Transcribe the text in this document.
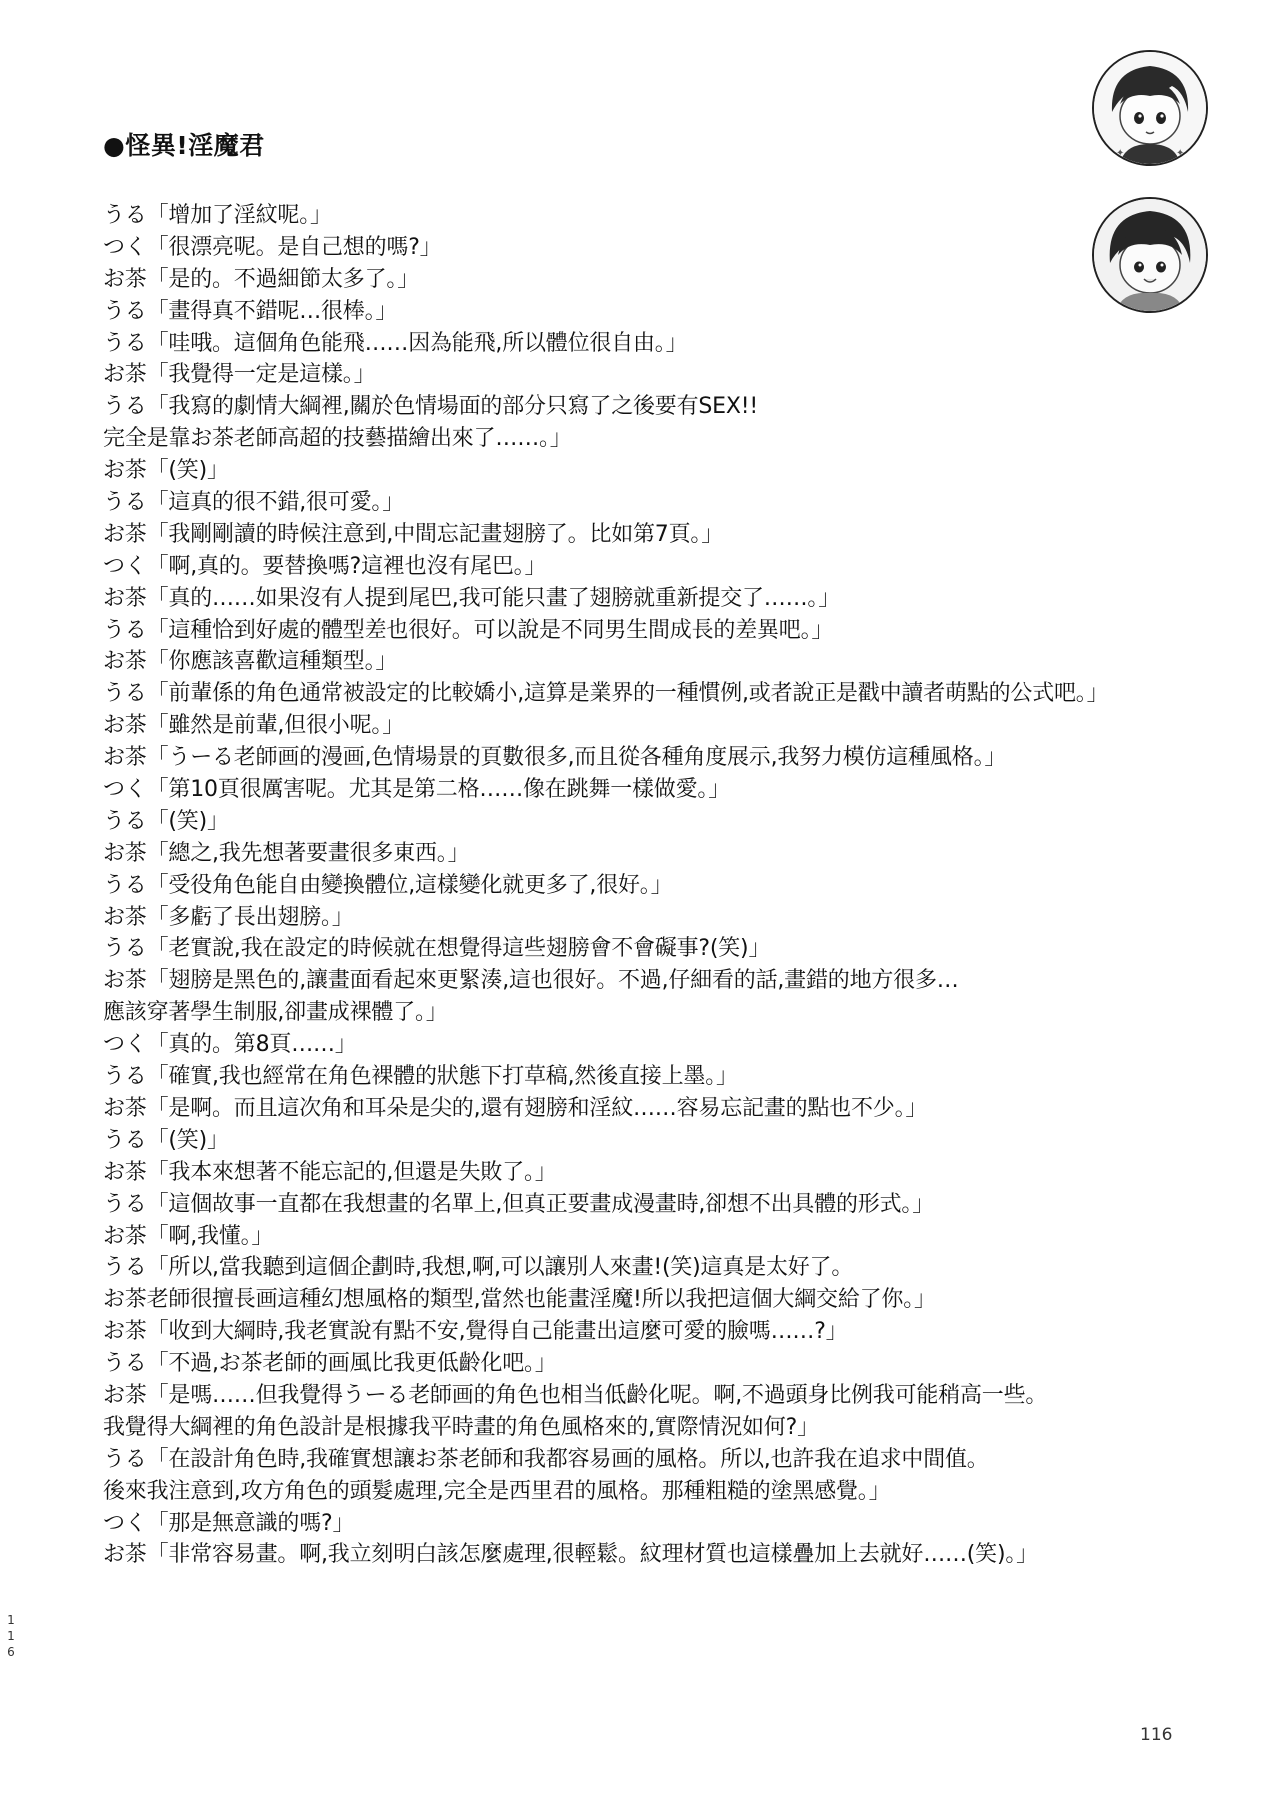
✦	✦
●怪異!淫魔君
うる「增加了淫紋呢。」
つく「很漂亮呢。是自己想的嗎?」
お茶「是的。不過細節太多了。」
うる「畫得真不錯呢…很棒。」
うる「哇哦。這個角色能飛……因為能飛,所以體位很自由。」
お茶「我覺得一定是這樣。」
うる「我寫的劇情大綱裡,關於色情場面的部分只寫了之後要有SEX!!
完全是靠お茶老師高超的技藝描繪出來了……。」
お茶「(笑)」
うる「這真的很不錯,很可愛。」
お茶「我剛剛讀的時候注意到,中間忘記畫翅膀了。比如第7頁。」
つく「啊,真的。要替換嗎?這裡也沒有尾巴。」
お茶「真的……如果沒有人提到尾巴,我可能只畫了翅膀就重新提交了……。」
うる「這種恰到好處的體型差也很好。可以說是不同男生間成長的差異吧。」
お茶「你應該喜歡這種類型。」
うる「前輩係的角色通常被設定的比較嬌小,這算是業界的一種慣例,或者說正是戳中讀者萌點的公式吧。」
お茶「雖然是前輩,但很小呢。」
お茶「うーる老師画的漫画,色情場景的頁數很多,而且從各種角度展示,我努力模仿這種風格。」
つく「第10頁很厲害呢。尤其是第二格……像在跳舞一樣做愛。」
うる「(笑)」
お茶「總之,我先想著要畫很多東西。」
うる「受役角色能自由變換體位,這樣變化就更多了,很好。」
お茶「多虧了長出翅膀。」
うる「老實說,我在設定的時候就在想覺得這些翅膀會不會礙事?(笑)」
お茶「翅膀是黑色的,讓畫面看起來更緊湊,這也很好。不過,仔細看的話,畫錯的地方很多…
應該穿著學生制服,卻畫成裸體了。」
つく「真的。第8頁……」
うる「確實,我也經常在角色裸體的狀態下打草稿,然後直接上墨。」
お茶「是啊。而且這次角和耳朵是尖的,還有翅膀和淫紋……容易忘記畫的點也不少。」
うる「(笑)」
お茶「我本來想著不能忘記的,但還是失敗了。」
うる「這個故事一直都在我想畫的名單上,但真正要畫成漫畫時,卻想不出具體的形式。」
お茶「啊,我懂。」
うる「所以,當我聽到這個企劃時,我想,啊,可以讓別人來畫!(笑)這真是太好了。
お茶老師很擅長画這種幻想風格的類型,當然也能畫淫魔!所以我把這個大綱交給了你。」
お茶「收到大綱時,我老實說有點不安,覺得自己能畫出這麼可愛的臉嗎……?」
うる「不過,お茶老師的画風比我更低齡化吧。」
お茶「是嗎……但我覺得うーる老師画的角色也相当低齡化呢。啊,不過頭身比例我可能稍高一些。
我覺得大綱裡的角色設計是根據我平時畫的角色風格來的,實際情況如何?」
うる「在設計角色時,我確實想讓お茶老師和我都容易画的風格。所以,也許我在追求中間值。
後來我注意到,攻方角色的頭髮處理,完全是西里君的風格。那種粗糙的塗黑感覺。」
つく「那是無意識的嗎?」
お茶「非常容易畫。啊,我立刻明白該怎麼處理,很輕鬆。紋理材質也這樣疊加上去就好……(笑)。」
1
1
6
116
